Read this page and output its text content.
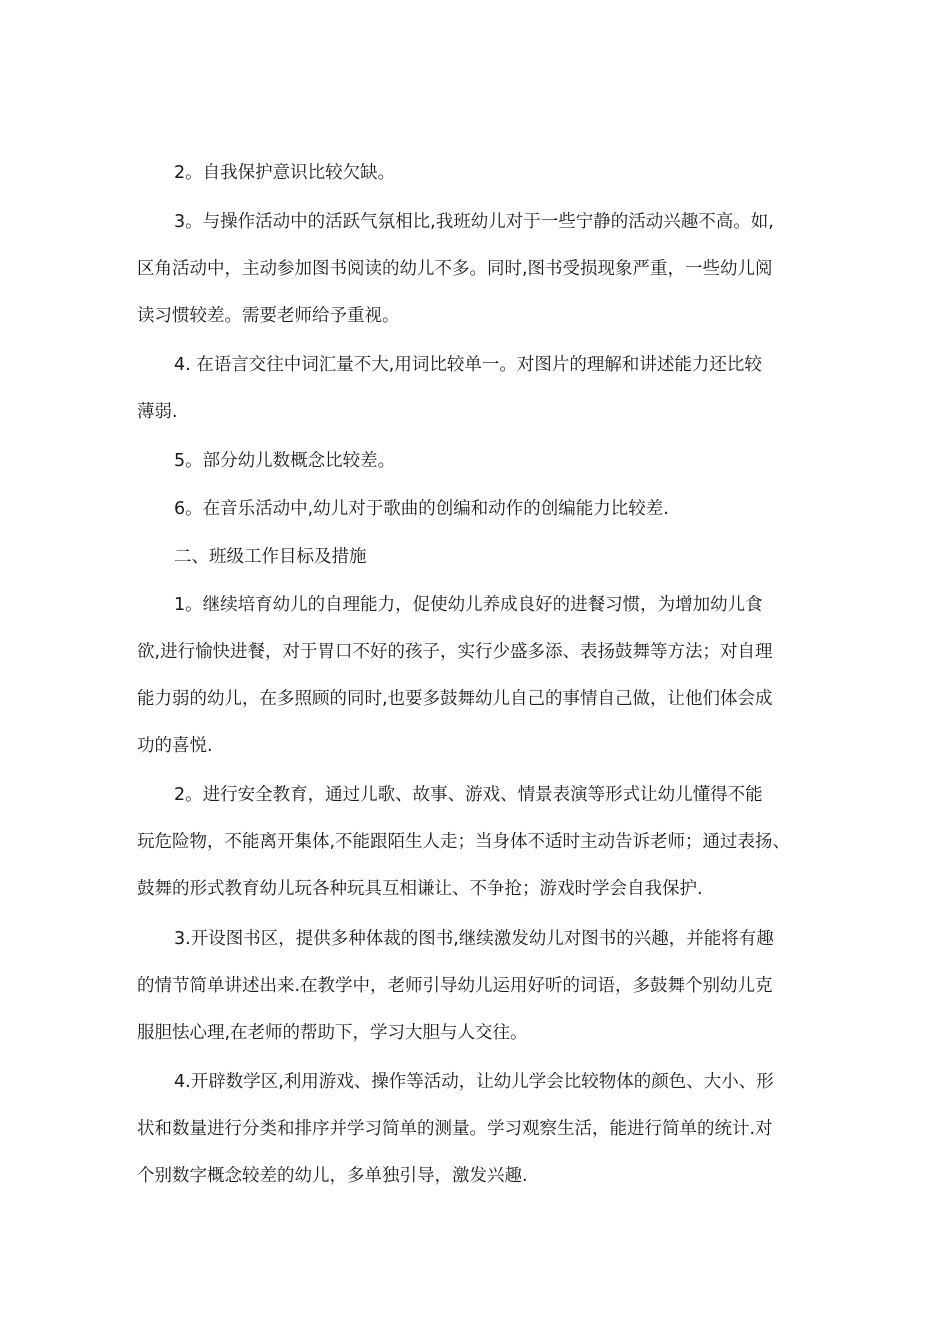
2。自我保护意识比较欠缺。

3。与操作活动中的活跃气氛相比,我班幼儿对于一些宁静的活动兴趣不高。如,
区角活动中，主动参加图书阅读的幼儿不多。同时,图书受损现象严重，一些幼儿阅
读习惯较差。需要老师给予重视。

4. 在语言交往中词汇量不大,用词比较单一。对图片的理解和讲述能力还比较
薄弱.

5。部分幼儿数概念比较差。

6。在音乐活动中,幼儿对于歌曲的创编和动作的创编能力比较差.

二、班级工作目标及措施

1。继续培育幼儿的自理能力，促使幼儿养成良好的进餐习惯，为增加幼儿食
欲,进行愉快进餐，对于胃口不好的孩子，实行少盛多添、表扬鼓舞等方法；对自理
能力弱的幼儿，在多照顾的同时,也要多鼓舞幼儿自己的事情自己做，让他们体会成
功的喜悦.

2。进行安全教育，通过儿歌、故事、游戏、情景表演等形式让幼儿懂得不能
玩危险物，不能离开集体,不能跟陌生人走；当身体不适时主动告诉老师；通过表扬、
鼓舞的形式教育幼儿玩各种玩具互相谦让、不争抢；游戏时学会自我保护.

3.开设图书区，提供多种体裁的图书,继续激发幼儿对图书的兴趣，并能将有趣
的情节简单讲述出来.在教学中，老师引导幼儿运用好听的词语，多鼓舞个别幼儿克
服胆怯心理,在老师的帮助下，学习大胆与人交往。

4.开辟数学区,利用游戏、操作等活动，让幼儿学会比较物体的颜色、大小、形
状和数量进行分类和排序并学习简单的测量。学习观察生活，能进行简单的统计.对
个别数字概念较差的幼儿，多单独引导，激发兴趣.
